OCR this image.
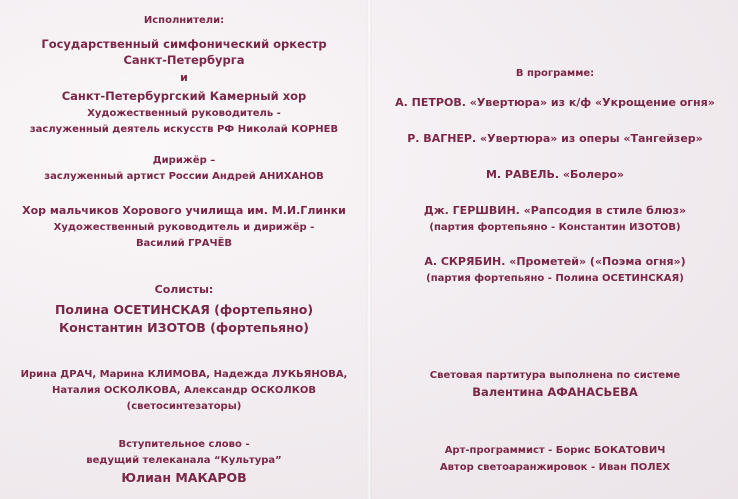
Исполнители:
Государственный симфонический оркестр
Санкт-Петербурга
и
Санкт-Петербургский Камерный хор
Художественный руководитель -
заслуженный деятель искусств РФ Николай КОРНЕВ
Дирижёр –
заслуженный артист России Андрей АНИХАНОВ
Хор мальчиков Хорового училища им. М.И.Глинки
Художественный руководитель и дирижёр -
Василий ГРАЧЁВ
Солисты:
Полина ОСЕТИНСКАЯ (фортепьяно)
Константин ИЗОТОВ (фортепьяно)
Ирина ДРАЧ, Марина КЛИМОВА, Надежда ЛУКЬЯНОВА,
Наталия ОСКОЛКОВА, Александр ОСКОЛКОВ
(светосинтезаторы)
Вступительное слово -
ведущий телеканала “Культура”
Юлиан МАКАРОВ
В программе:
А. ПЕТРОВ. «Увертюра» из к/ф «Укрощение огня»
Р. ВАГНЕР. «Увертюра» из оперы «Тангейзер»
М. РАВЕЛЬ. «Болеро»
Дж. ГЕРШВИН. «Рапсодия в стиле блюз»
(партия фортепьяно - Константин ИЗОТОВ)
А. СКРЯБИН. «Прометей» («Поэма огня»)
(партия фортепьяно - Полина ОСЕТИНСКАЯ)
Световая партитура выполнена по системе
Валентина АФАНАСЬЕВА
Арт-программист - Борис БОКАТОВИЧ
Автор светоаранжировок - Иван ПОЛЕХ
